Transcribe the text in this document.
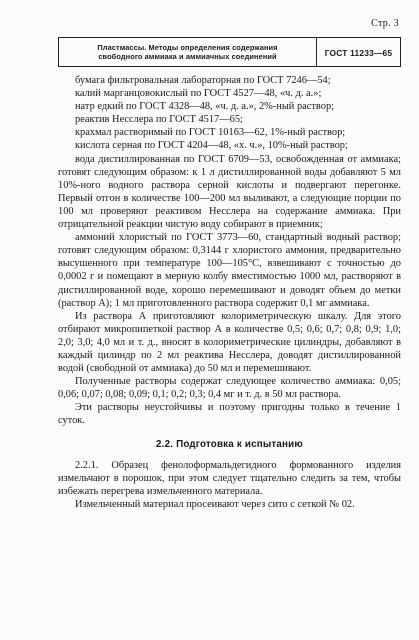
Стр. 3
Пластмассы. Методы определения содержания
свободного аммиака и аммиачных соединений	ГОСТ 11233—65

бумага фильтровальная лабораторная по ГОСТ 7246—54;

калий марганцовокислый по ГОСТ 4527—48, «ч. д. а.»;

натр едкий по ГОСТ 4328—48, «ч. д. а.», 2%-ный раствор;

реактив Несслера по ГОСТ 4517—65;

крахмал растворимый по ГОСТ 10163—62, 1%-ный раствор;

кислота серная по ГОСТ 4204—48, «х. ч.», 10%-ный раствор;

вода дистиллированная по ГОСТ 6709—53, освобожденная от аммиака; готовят следующим образом: к 1 л дистиллированной воды добавляют 5 мл 10%-ного водного раствора серной кислоты и подвергают перегонке. Первый отгон в количестве 100—200 мл выливают, а следующие порции по 100 мл проверяют реактивом Несслера на содержание аммиака. При отрицательной реакции чистую воду собирают в приемник;

аммоний хлористый по ГОСТ 3773—60, стандартный водный раствор; готовят следующим образом: 0,3144 г хлористого аммония, предварительно высушенного при температуре 100—105°С, взвешивают с точностью до 0,0002 г и помещают в мерную колбу вместимостью 1000 мл, растворяют в дистиллированной воде, хорошо перемешивают и доводят объем до метки (раствор А); 1 мл приготовленного раствора содержит 0,1 мг аммиака.

Из раствора А приготовляют колориметрическую шкалу. Для этого отбирают микропипеткой раствор А в количестве 0,5; 0,6; 0,7; 0,8; 0,9; 1,0; 2,0; 3,0; 4,0 мл и т. д., вносят в колориметрические цилиндры, добавляют в каждый цилиндр по 2 мл реактива Несслера, доводят дистиллированной водой (свободной от аммиака) до 50 мл и перемешивают.

Полученные растворы содержат следующее количество аммиака: 0,05; 0,06; 0,07; 0,08; 0,09; 0,1; 0,2; 0,3; 0,4 мг и т. д. в 50 мл раствора.

Эти растворы неустойчивы и поэтому пригодны только в течение 1 суток.

2.2. Подготовка к испытанию

2.2.1. Образец фенолоформальдегидного формованного изделия измельчают в порошок, при этом следует тщательно следить за тем, чтобы избежать перегрева измельченного материала.

Измельченный материал просеивают через сито с сеткой № 02.
